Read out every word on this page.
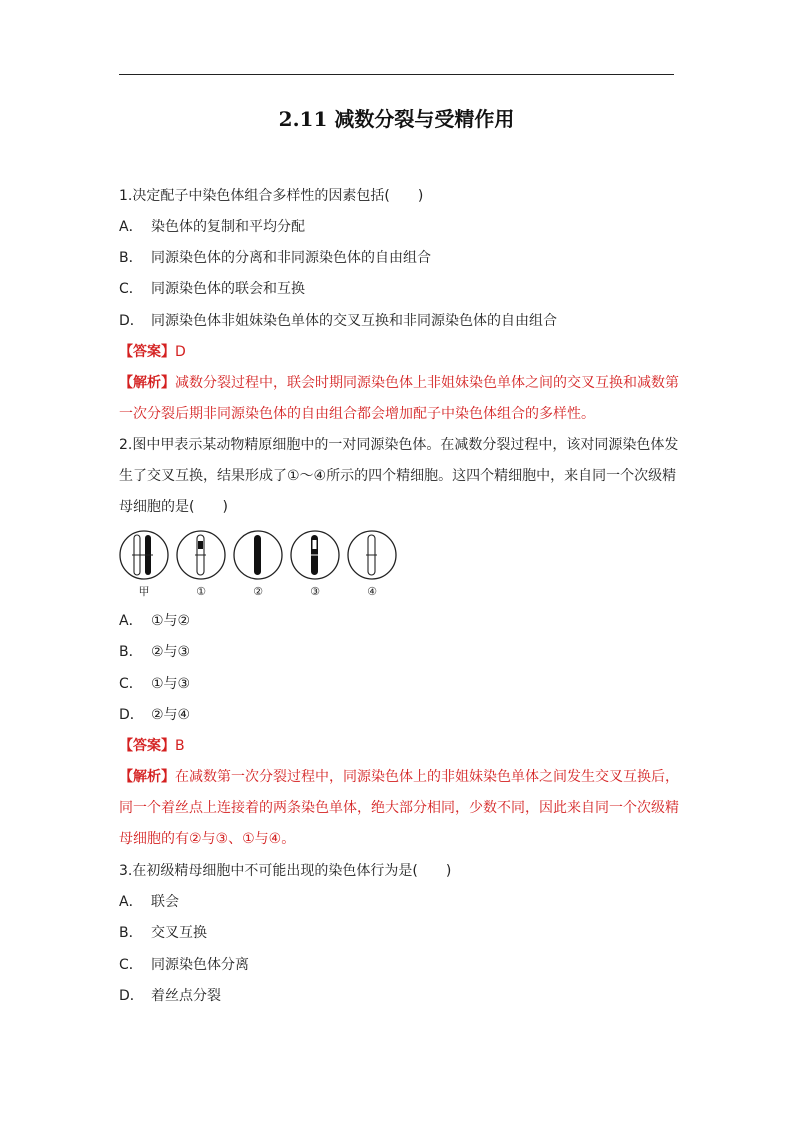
2.11 减数分裂与受精作用
1.决定配子中染色体组合多样性的因素包括(　　)
A． 染色体的复制和平均分配
B． 同源染色体的分离和非同源染色体的自由组合
C． 同源染色体的联会和互换
D． 同源染色体非姐妹染色单体的交叉互换和非同源染色体的自由组合
【答案】D
【解析】减数分裂过程中，联会时期同源染色体上非姐妹染色单体之间的交叉互换和减数第
一次分裂后期非同源染色体的自由组合都会增加配子中染色体组合的多样性。
2.图中甲表示某动物精原细胞中的一对同源染色体。在减数分裂过程中，该对同源染色体发
生了交叉互换，结果形成了①～④所示的四个精细胞。这四个精细胞中，来自同一个次级精
母细胞的是(　　)
甲	①	②	③	④
A． ①与②
B． ②与③
C． ①与③
D． ②与④
【答案】B
【解析】在减数第一次分裂过程中，同源染色体上的非姐妹染色单体之间发生交叉互换后，
同一个着丝点上连接着的两条染色单体，绝大部分相同，少数不同，因此来自同一个次级精
母细胞的有②与③、①与④。
3.在初级精母细胞中不可能出现的染色体行为是(　　)
A． 联会
B． 交叉互换
C． 同源染色体分离
D． 着丝点分裂
